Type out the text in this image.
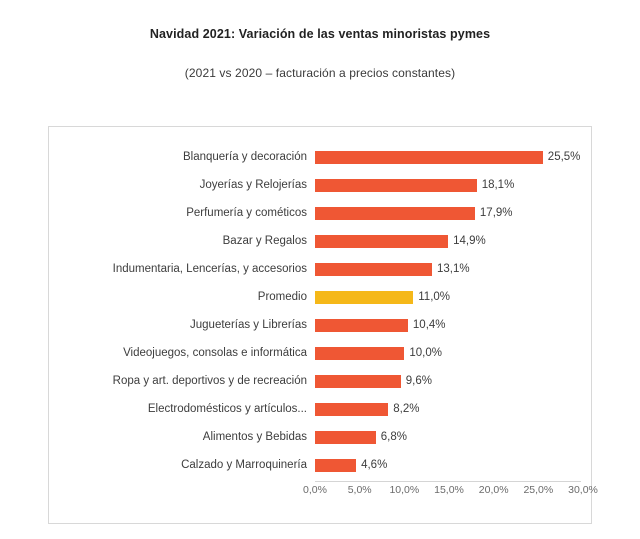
Navidad 2021: Variación de las ventas minoristas pymes
(2021 vs 2020 – facturación a precios constantes)
Blanquería y decoración	25,5%
Joyerías y Relojerías	18,1%
Perfumería y cométicos	17,9%
Bazar y Regalos	14,9%
Indumentaria, Lencerías, y accesorios	13,1%
Promedio	11,0%
Jugueterías y Librerías	10,4%
Videojuegos, consolas e informática	10,0%
Ropa y art. deportivos y de recreación	9,6%
Electrodomésticos y artículos...	8,2%
Alimentos y Bebidas	6,8%
Calzado y Marroquinería	4,6%
0,0% 5,0% 10,0% 15,0% 20,0% 25,0% 30,0%
